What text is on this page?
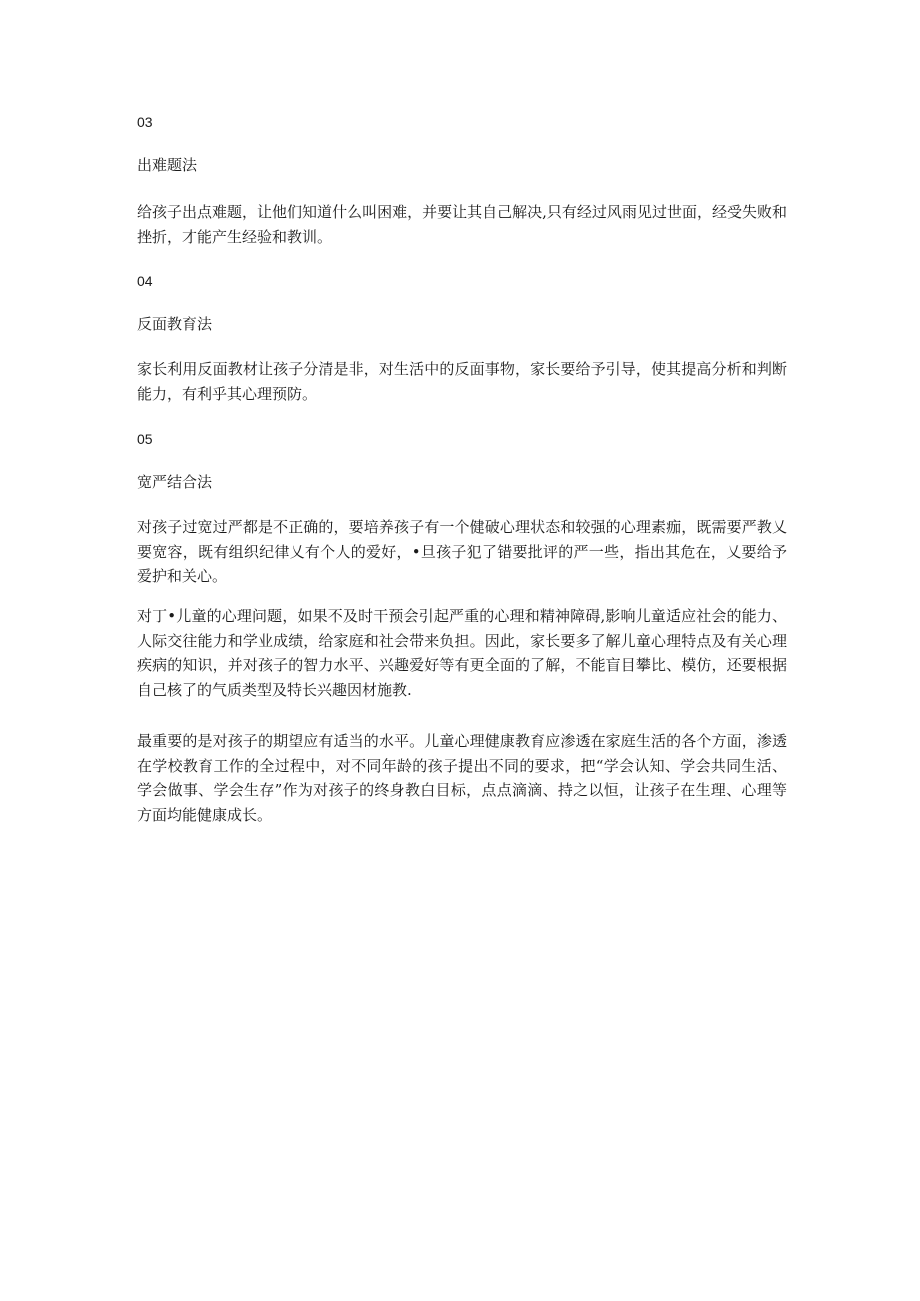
03

出难题法

给孩子出点难题，让他们知道什么叫困难，并要让其自己解决,只有经过风雨见过世面，经受失败和挫折，才能产生经验和教训。

04

反面教育法

家长利用反面教材让孩子分清是非，对生活中的反面事物，家长要给予引导，使其提高分析和判断能力，有利乎其心理预防。

05

宽严结合法

对孩子过宽过严都是不正确的，要培养孩子有一个健破心理状态和较强的心理素痂，既需要严教乂要宽容，既有组织纪律乂有个人的爱好，•旦孩子犯了错要批评的严一些，指出其危在，乂要给予爱护和关心。

对丁•儿童的心理问题，如果不及时干预会引起严重的心理和精神障碍,影响儿童适应社会的能力、人际交往能力和学业成绩，给家庭和社会带来负担。因此，家长要多了解儿童心理特点及有关心理疾病的知识，并对孩子的智力水平、兴趣爱好等有更全面的了解，不能盲目攀比、模仿，还要根据自己核了的气质类型及特长兴趣因材施教.

最重要的是对孩子的期望应有适当的水平。儿童心理健康教育应渗透在家庭生活的各个方面，渗透在学校教育工作的全过程中，对不同年龄的孩子提出不同的要求，把“学会认知、学会共同生活、学会做事、学会生存”作为对孩子的终身教白目标，点点滴滴、持之以恒，让孩子在生理、心理等方面均能健康成长。
